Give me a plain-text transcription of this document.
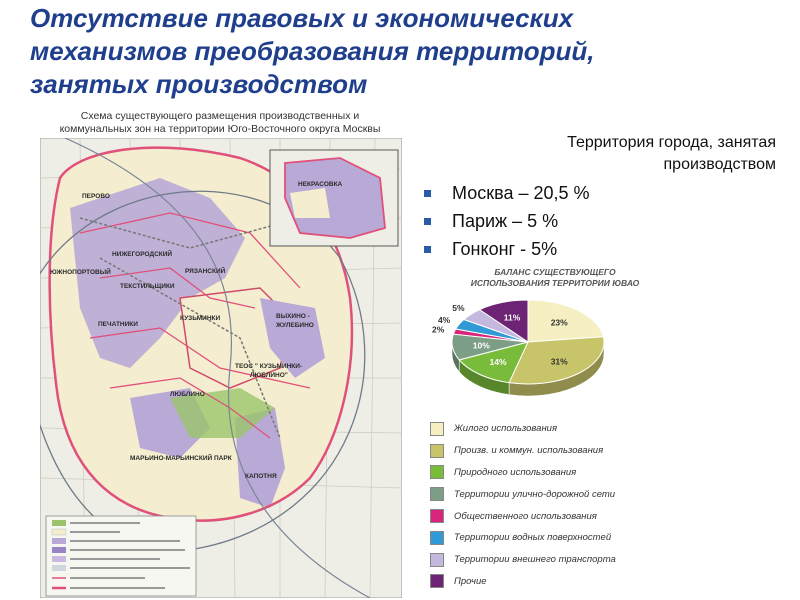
Отсутствие правовых и экономических
механизмов преобразования территорий,
занятых производством
Схема существующего размещения производственных и
коммунальных зон на территории Юго-Восточного округа Москвы
ПЕРОВО
НЕКРАСОВКА
НИЖЕГОРОДСКИЙ
ЮЖНОПОРТОВЫЙ	РЯЗАНСКИЙ
ТЕКСТИЛЬЩИКИ
ПЕЧАТНИКИ
КУЗЬМИНКИ	ВЫХИНО -
ЖУЛЕБИНО
ТЕОС " КУЗЬМИНКИ-
ЛЮБЛИНО"
ЛЮБЛИНО
МАРЬИНО-МАРЬИНСКИЙ ПАРК
КАПОТНЯ
Территория города, занятая
производством
Москва – 20,5 %
Париж – 5 %
Гонконг - 5%
БАЛАНС СУЩЕСТВУЮЩЕГО
ИСПОЛЬЗОВАНИЯ ТЕРРИТОРИИ ЮВАО
23%
31%
14%
10%
2%
4%
5%
11%
Жилого использования
Произв. и коммун. использования
Природного использования
Территории улично-дорожной сети
Общественного использования
Территории водных поверхностей
Территории внешнего транспорта
Прочие
